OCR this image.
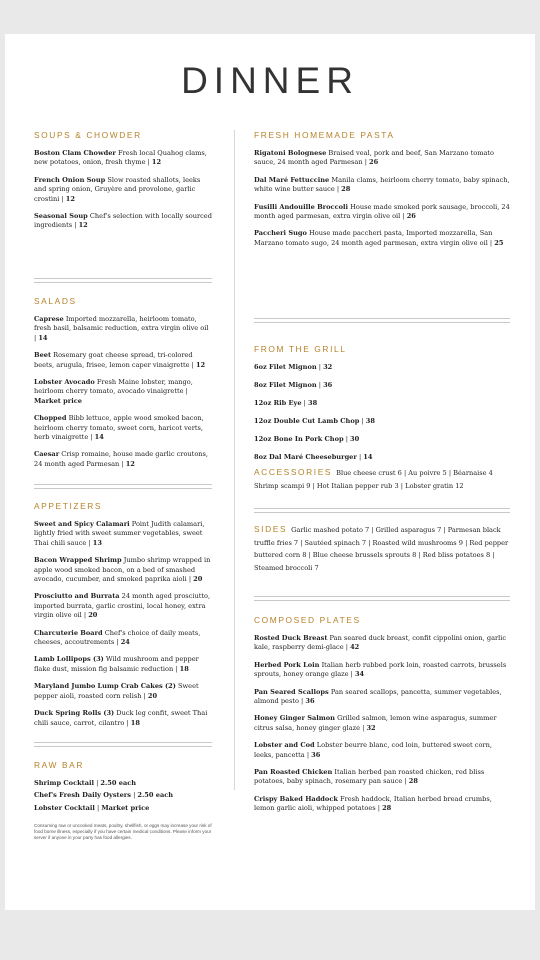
DINNER
SOUPS & CHOWDER
Boston Clam Chowder Fresh local Quahog clams, new potatoes, onion, fresh thyme | 12
French Onion Soup Slow roasted shallots, leeks and spring onion, Gruyère and provolone, garlic crostini | 12
Seasonal Soup Chef's selection with locally sourced ingredients | 12
SALADS
Caprese Imported mozzarella, heirloom tomato, fresh basil, balsamic reduction, extra virgin olive oil | 14
Beet Rosemary goat cheese spread, tri-colored beets, arugula, frisee, lemon caper vinaigrette | 12
Lobster Avocado Fresh Maine lobster, mango, heirloom cherry tomato, avocado vinaigrette | Market price
Chopped Bibb lettuce, apple wood smoked bacon, heirloom cherry tomato, sweet corn, haricot verts, herb vinaigrette | 14
Caesar Crisp romaine, house made garlic croutons, 24 month aged Parmesan | 12
APPETIZERS
Sweet and Spicy Calamari Point Judith calamari, lightly fried with sweet summer vegetables, sweet Thai chili sauce | 13
Bacon Wrapped Shrimp Jumbo shrimp wrapped in apple wood smoked bacon, on a bed of smashed avocado, cucumber, and smoked paprika aioli | 20
Prosciutto and Burrata 24 month aged prosciutto, imported burrata, garlic crostini, local honey, extra virgin olive oil | 20
Charcuterie Board Chef's choice of daily meats, cheeses, accoutrements | 24
Lamb Lollipops (3) Wild mushroom and pepper flake dust, mission fig balsamic reduction | 18
Maryland Jumbo Lump Crab Cakes (2) Sweet pepper aioli, roasted corn relish | 20
Duck Spring Rolls (3) Duck leg confit, sweet Thai chili sauce, carrot, cilantro | 18
RAW BAR
Shrimp Cocktail | 2.50 each
Chef's Fresh Daily Oysters | 2.50 each
Lobster Cocktail | Market price
Consuming raw or uncooked meats, poultry, shellfish, or eggs may increase your risk of food borne illness, especially if you have certain medical conditions. Please inform your server if anyone in your party has food allergies.
FRESH HOMEMADE PASTA
Rigatoni Bolognese Braised veal, pork and beef, San Marzano tomato sauce, 24 month aged Parmesan | 26
Dal Maré Fettuccine Manila clams, heirloom cherry tomato, baby spinach, white wine butter sauce | 28
Fusilli Andouille Broccoli House made smoked pork sausage, broccoli, 24 month aged parmesan, extra virgin olive oil | 26
Paccheri Sugo House made paccheri pasta, Imported mozzarella, San Marzano tomato sugo, 24 month aged parmesan, extra virgin olive oil | 25
FROM THE GRILL
6oz Filet Mignon | 32
8oz Filet Mignon | 36
12oz Rib Eye | 38
12oz Double Cut Lamb Chop | 38
12oz Bone In Pork Chop | 30
8oz Dal Maré Cheeseburger | 14
ACCESSORIES Blue cheese crust 6 | Au poivre 5 | Béarnaise 4 Shrimp scampi 9 | Hot Italian pepper rub 3 | Lobster gratin 12
SIDES Garlic mashed potato 7 | Grilled asparagus 7 | Parmesan black truffle fries 7 | Sautéed spinach 7 | Roasted wild mushrooms 9 | Red pepper buttered corn 8 | Blue cheese brussels sprouts 8 | Red bliss potatoes 8 | Steamed broccoli 7
COMPOSED PLATES
Rosted Duck Breast Pan seared duck breast, confit cippolini onion, garlic kale, raspberry demi-glace | 42
Herbed Pork Loin Italian herb rubbed pork loin, roasted carrots, brussels sprouts, honey orange glaze | 34
Pan Seared Scallops Pan seared scallops, pancetta, summer vegetables, almond pesto | 36
Honey Ginger Salmon Grilled salmon, lemon wine asparagus, summer citrus salsa, honey ginger glaze | 32
Lobster and Cod Lobster beurre blanc, cod loin, buttered sweet corn, leeks, pancetta | 36
Pan Roasted Chicken Italian herbed pan roasted chicken, red bliss potatoes, baby spinach, rosemary pan sauce | 28
Crispy Baked Haddock Fresh haddock, Italian herbed bread crumbs, lemon garlic aioli, whipped potatoes | 28
